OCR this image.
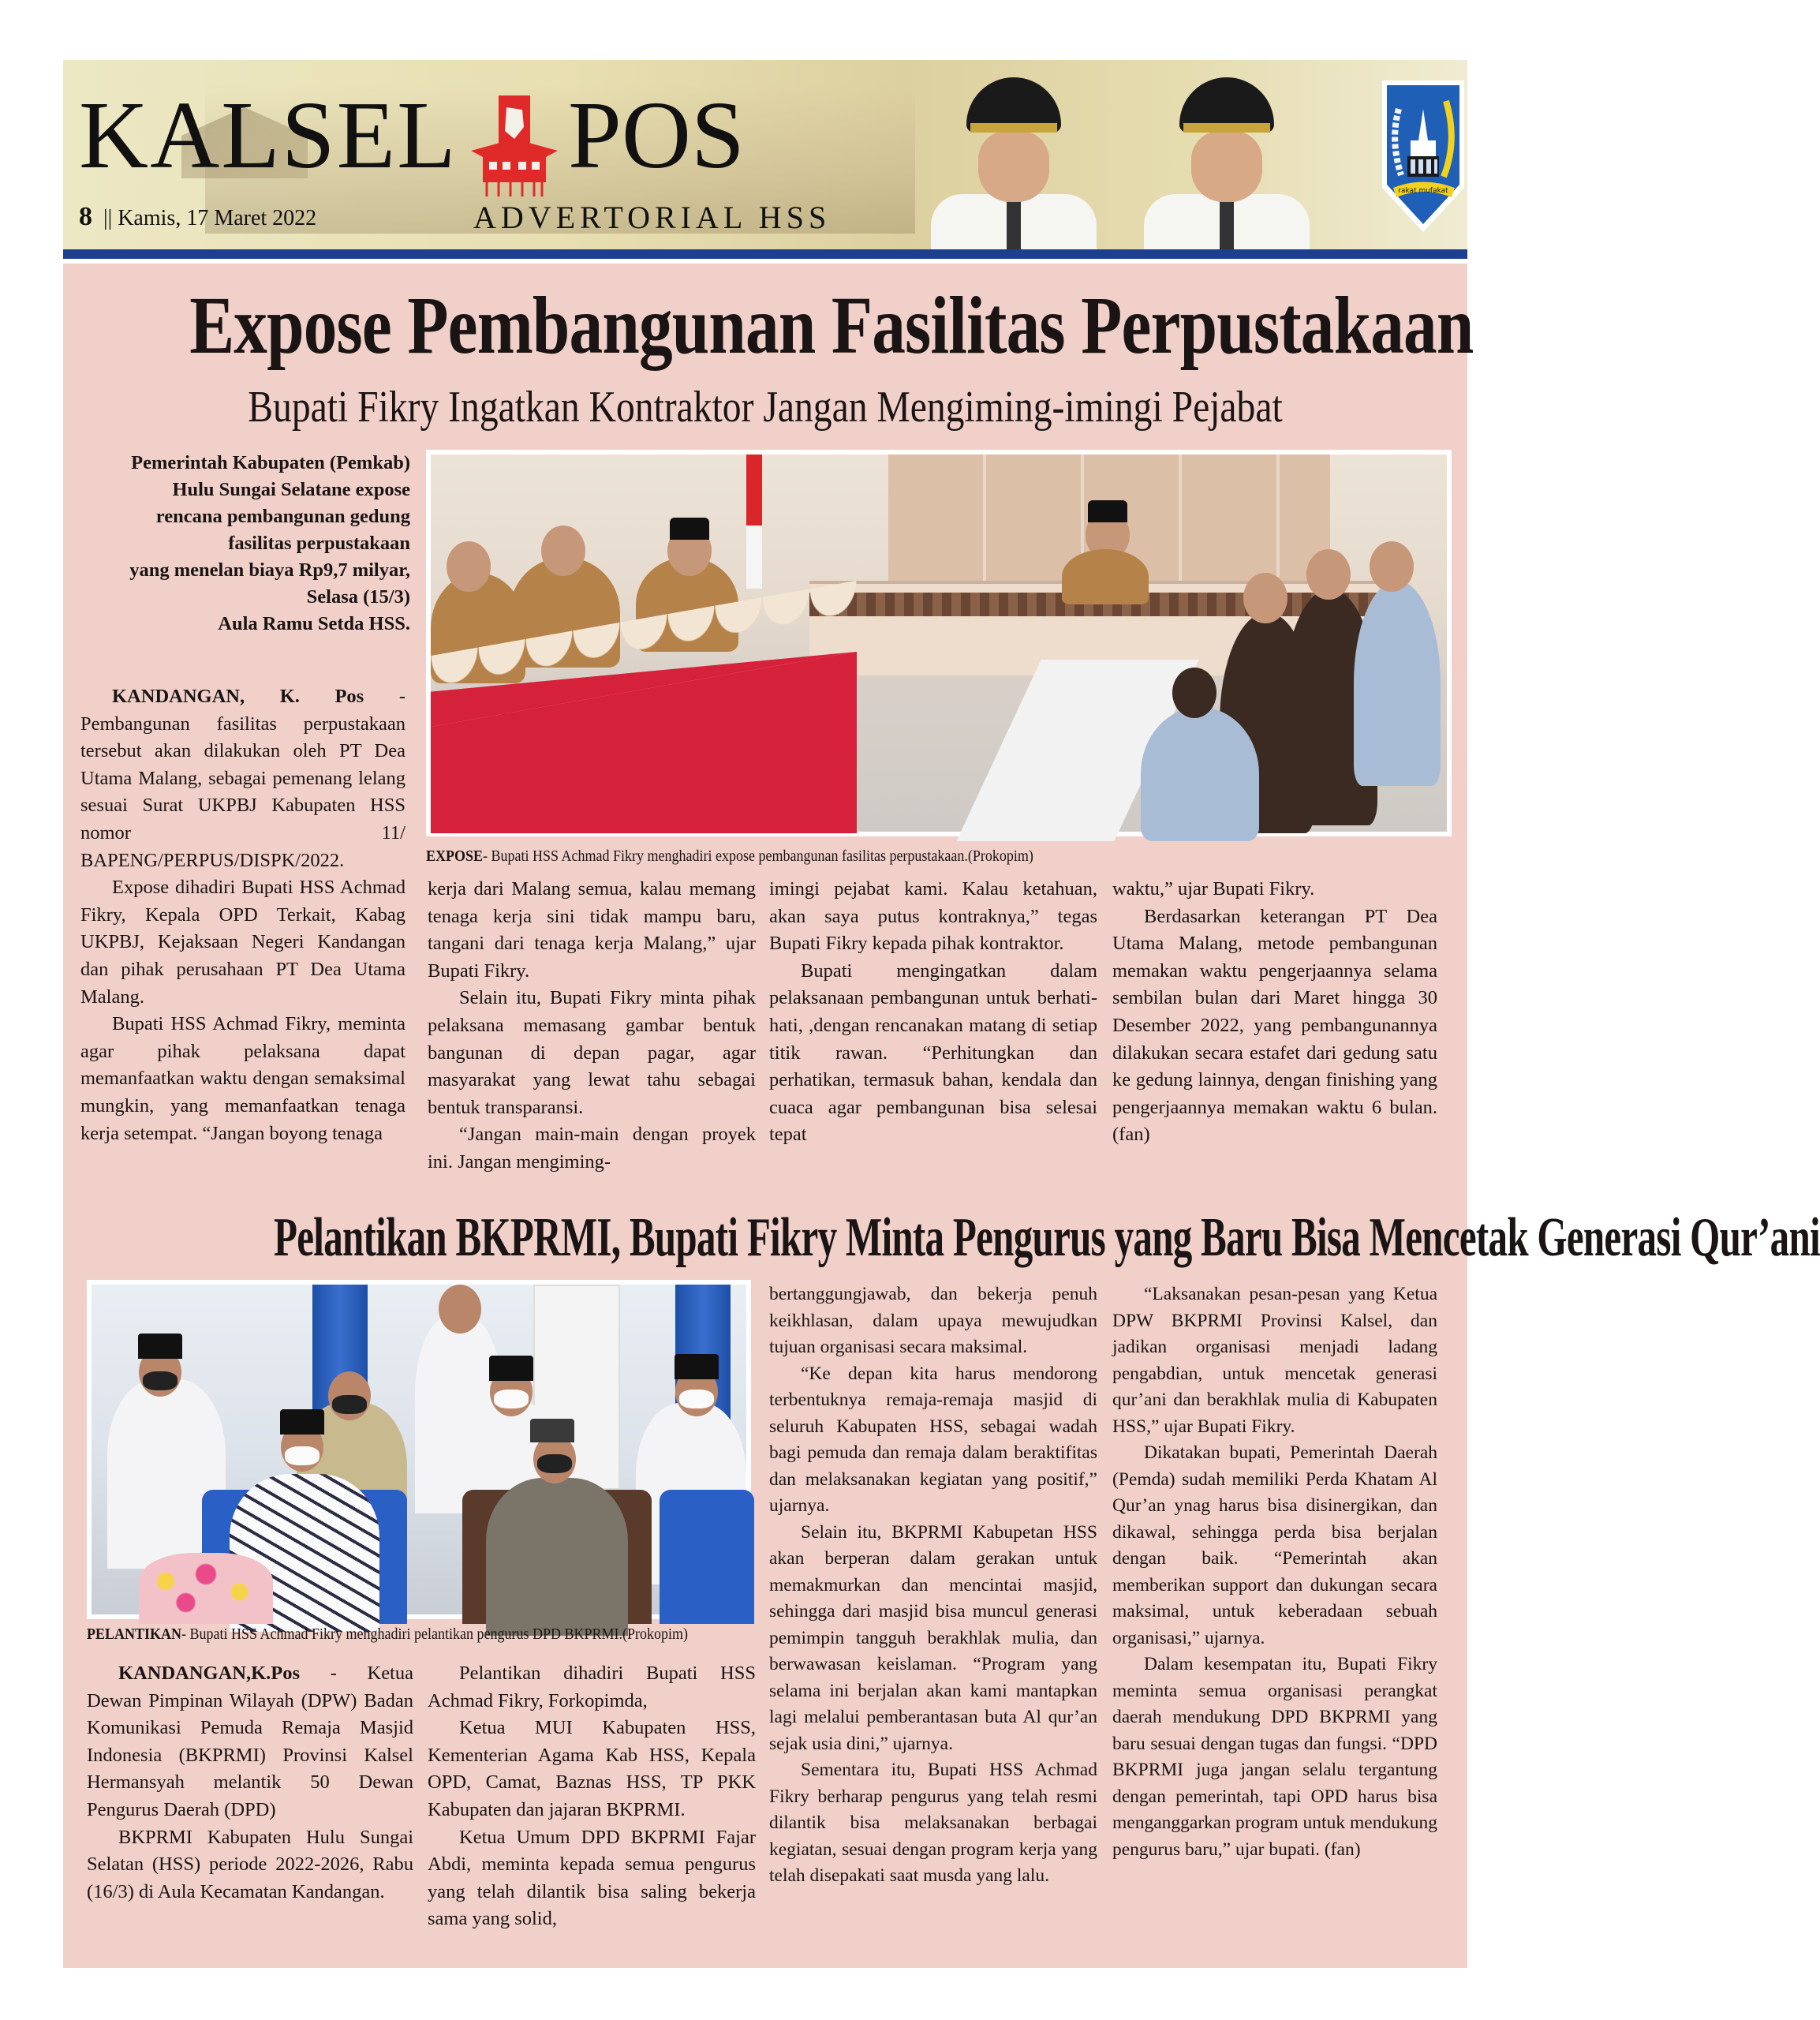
KALSEL POS
8 || Kamis, 17 Maret 2022	ADVERTORIAL HSS
rakat mufakat
Expose Pembangunan Fasilitas Perpustakaan
Bupati Fikry Ingatkan Kontraktor Jangan Mengiming-imingi Pejabat
Pemerintah Kabupaten (Pemkab)
Hulu Sungai Selatane expose
rencana pembangunan gedung
fasilitas perpustakaan
yang menelan biaya Rp9,7 milyar,
Selasa (15/3)
Aula Ramu Setda HSS.
EXPOSE- Bupati HSS Achmad Fikry menghadiri expose pembangunan fasilitas perpustakaan.(Prokopim)

KANDANGAN, K. Pos - Pembangunan fasilitas perpustakaan tersebut akan dilakukan oleh PT Dea Utama Malang, sebagai pemenang lelang sesuai Surat UKPBJ Kabupaten HSS nomor 11/ BAPENG/PERPUS/DISPK/2022.

Expose dihadiri Bupati HSS Achmad Fikry, Kepala OPD Terkait, Kabag UKPBJ, Kejaksaan Negeri Kandangan dan pihak perusahaan PT Dea Utama Malang.

Bupati HSS Achmad Fikry, meminta agar pihak pelaksana dapat memanfaatkan waktu dengan semaksimal mungkin, yang memanfaatkan tenaga kerja setempat. “Jangan boyong tenaga

kerja dari Malang semua, kalau memang tenaga kerja sini tidak mampu baru, tangani dari tenaga kerja Malang,” ujar Bupati Fikry.

Selain itu, Bupati Fikry minta pihak pelaksana memasang gambar bentuk bangunan di depan pagar, agar masyarakat yang lewat tahu sebagai bentuk transparansi.

“Jangan main-main dengan proyek ini. Jangan mengiming-

imingi pejabat kami. Kalau ketahuan, akan saya putus kontraknya,” tegas Bupati Fikry kepada pihak kontraktor.

Bupati mengingatkan dalam pelaksanaan pembangunan untuk berhati-hati, ,dengan rencanakan matang di setiap titik rawan. “Perhitungkan dan perhatikan, termasuk bahan, kendala dan cuaca agar pembangunan bisa selesai tepat

waktu,” ujar Bupati Fikry.

Berdasarkan keterangan PT Dea Utama Malang, metode pembangunan memakan waktu pengerjaannya selama sembilan bulan dari Maret hingga 30 Desember 2022, yang pembangunannya dilakukan secara estafet dari gedung satu ke gedung lainnya, dengan finishing yang pengerjaannya memakan waktu 6 bulan.(fan)

Pelantikan BKPRMI, Bupati Fikry Minta Pengurus yang Baru Bisa Mencetak Generasi Qur’ani
PELANTIKAN- Bupati HSS Achmad Fikry menghadiri pelantikan pengurus DPD BKPRMI.(Prokopim)

KANDANGAN,K.Pos - Ketua Dewan Pimpinan Wilayah (DPW) Badan Komunikasi Pemuda Remaja Masjid Indonesia (BKPRMI) Provinsi Kalsel Hermansyah melantik 50 Dewan Pengurus Daerah (DPD)

BKPRMI Kabupaten Hulu Sungai Selatan (HSS) periode 2022-2026, Rabu (16/3) di Aula Kecamatan Kandangan.

Pelantikan dihadiri Bupati HSS Achmad Fikry, Forkopimda,

Ketua MUI Kabupaten HSS, Kementerian Agama Kab HSS, Kepala OPD, Camat, Baznas HSS, TP PKK Kabupaten dan jajaran BKPRMI.

Ketua Umum DPD BKPRMI Fajar Abdi, meminta kepada semua pengurus yang telah dilantik bisa saling bekerja sama yang solid,

bertanggungjawab, dan bekerja penuh keikhlasan, dalam upaya mewujudkan tujuan organisasi secara maksimal.

“Ke depan kita harus mendorong terbentuknya remaja-remaja masjid di seluruh Kabupaten HSS, sebagai wadah bagi pemuda dan remaja dalam beraktifitas dan melaksanakan kegiatan yang positif,” ujarnya.

Selain itu, BKPRMI Kabupetan HSS akan berperan dalam gerakan untuk memakmurkan dan mencintai masjid, sehingga dari masjid bisa muncul generasi pemimpin tangguh berakhlak mulia, dan berwawasan keislaman. “Program yang selama ini berjalan akan kami mantapkan lagi melalui pemberantasan buta Al qur’an sejak usia dini,” ujarnya.

Sementara itu, Bupati HSS Achmad Fikry berharap pengurus yang telah resmi dilantik bisa melaksanakan berbagai kegiatan, sesuai dengan program kerja yang telah disepakati saat musda yang lalu.

“Laksanakan pesan-pesan yang Ketua DPW BKPRMI Provinsi Kalsel, dan jadikan organisasi menjadi ladang pengabdian, untuk mencetak generasi qur’ani dan berakhlak mulia di Kabupaten HSS,” ujar Bupati Fikry.

Dikatakan bupati, Pemerintah Daerah (Pemda) sudah memiliki Perda Khatam Al Qur’an ynag harus bisa disinergikan, dan dikawal, sehingga perda bisa berjalan dengan baik. “Pemerintah akan memberikan support dan dukungan secara maksimal, untuk keberadaan sebuah organisasi,” ujarnya.

Dalam kesempatan itu, Bupati Fikry meminta semua organisasi perangkat daerah mendukung DPD BKPRMI yang baru sesuai dengan tugas dan fungsi. “DPD BKPRMI juga jangan selalu tergantung dengan pemerintah, tapi OPD harus bisa menganggarkan program untuk mendukung pengurus baru,” ujar bupati. (fan)
